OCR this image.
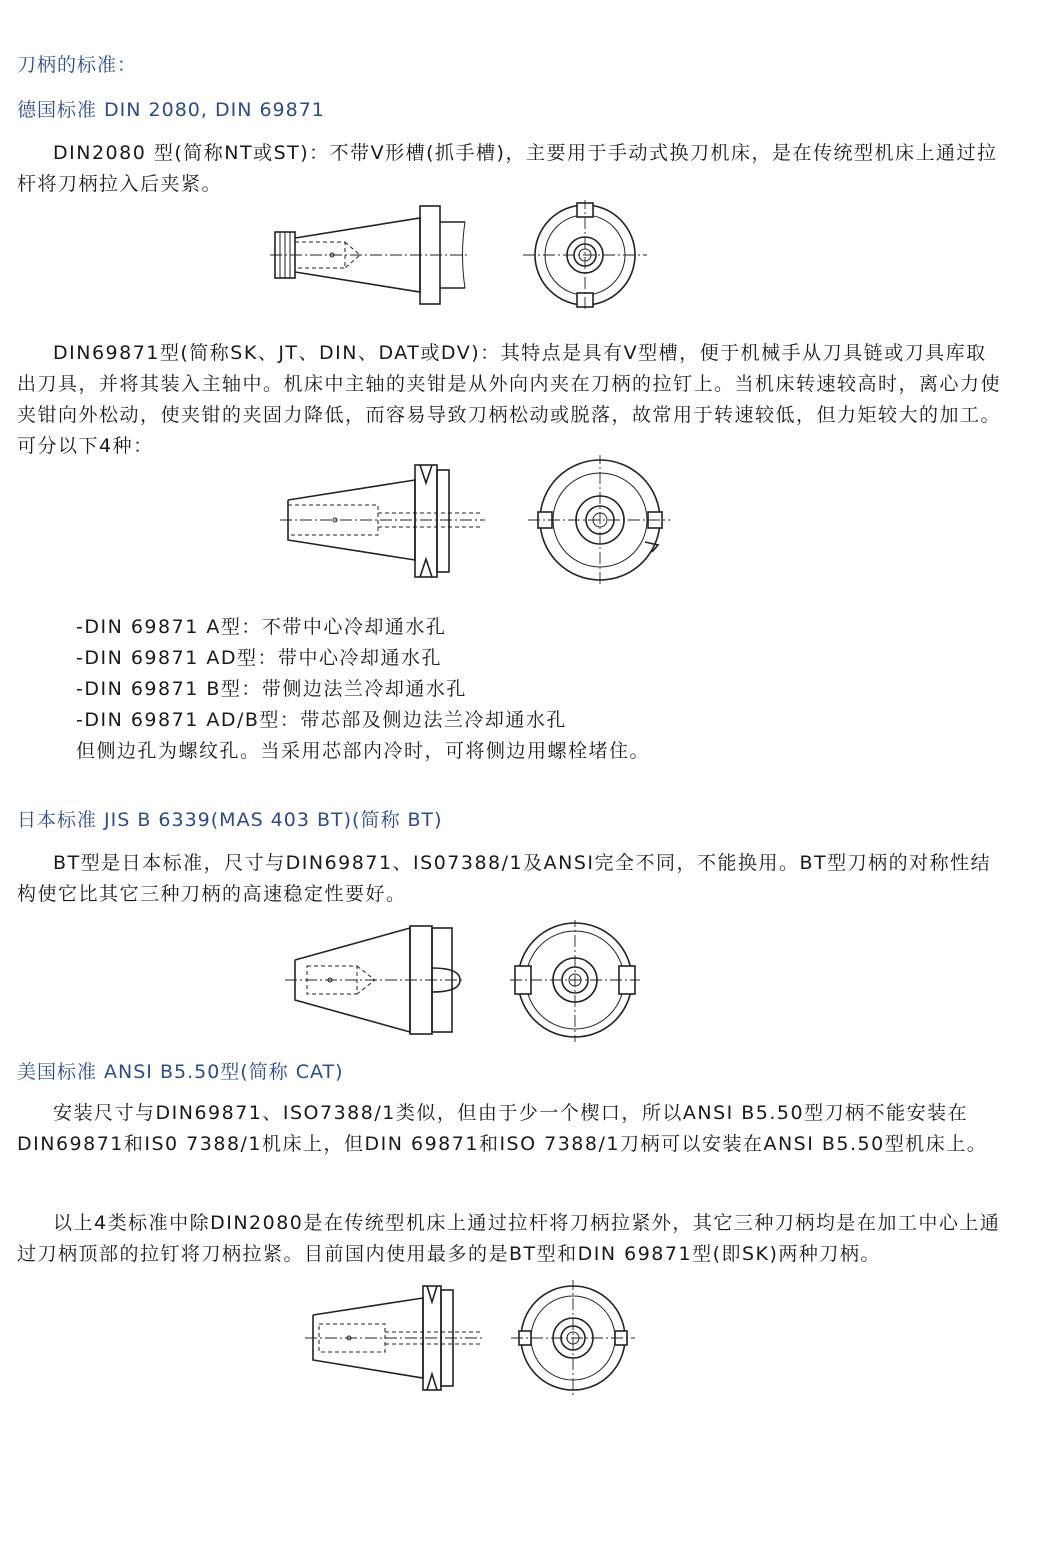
刀柄的标准：
德国标准 DIN 2080, DIN 69871
DIN2080 型(简称NT或ST)：不带V形槽(抓手槽)，主要用于手动式换刀机床，是在传统型机床上通过拉杆将刀柄拉入后夹紧。
DIN69871型(简称SK、JT、DIN、DAT或DV)：其特点是具有V型槽，便于机械手从刀具链或刀具库取出刀具，并将其装入主轴中。机床中主轴的夹钳是从外向内夹在刀柄的拉钉上。当机床转速较高时，离心力使夹钳向外松动，使夹钳的夹固力降低，而容易导致刀柄松动或脱落，故常用于转速较低，但力矩较大的加工。可分以下4种：
-DIN 69871 A型：不带中心冷却通水孔
-DIN 69871 AD型：带中心冷却通水孔
-DIN 69871 B型：带侧边法兰冷却通水孔
-DIN 69871 AD/B型：带芯部及侧边法兰冷却通水孔
但侧边孔为螺纹孔。当采用芯部内冷时，可将侧边用螺栓堵住。
日本标准 JIS B 6339(MAS 403 BT)(简称 BT)
BT型是日本标准，尺寸与DIN69871、IS07388/1及ANSI完全不同，不能换用。BT型刀柄的对称性结构使它比其它三种刀柄的高速稳定性要好。
美国标准 ANSI B5.50型(简称 CAT)
安装尺寸与DIN69871、ISO7388/1类似，但由于少一个楔口，所以ANSI B5.50型刀柄不能安装在DIN69871和IS0 7388/1机床上，但DIN 69871和ISO 7388/1刀柄可以安装在ANSI B5.50型机床上。
以上4类标准中除DIN2080是在传统型机床上通过拉杆将刀柄拉紧外，其它三种刀柄均是在加工中心上通过刀柄顶部的拉钉将刀柄拉紧。目前国内使用最多的是BT型和DIN 69871型(即SK)两种刀柄。
